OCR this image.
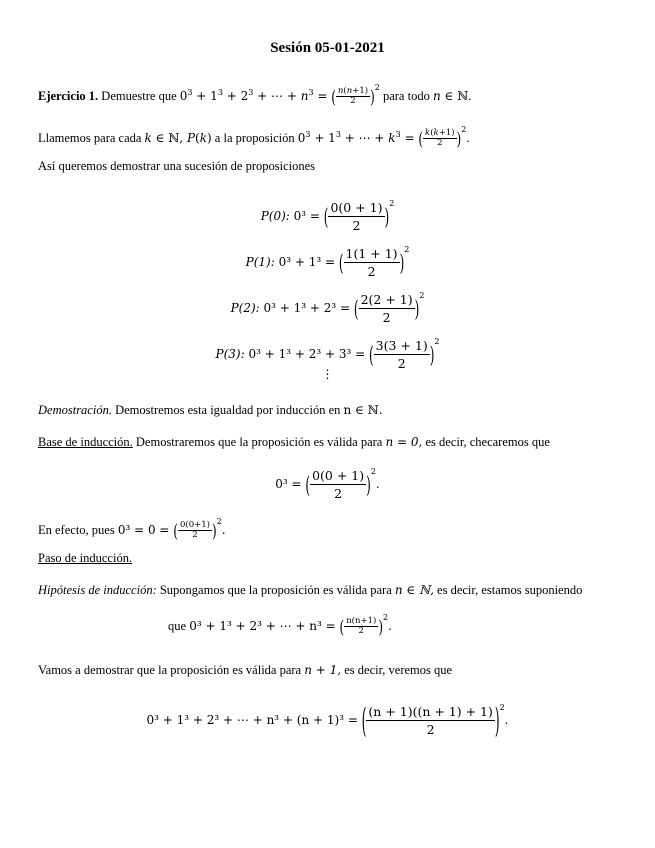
Sesión 05-01-2021
Ejercicio 1. Demuestre que $0^3 + 1^3 + 2^3$ + ⋯ + $n^3$ = ( $\frac{n(n+1)}{2} )^2$ para todo n ∈ ℕ.
Llamemos para cada k ∈ ℕ, P(k) a la proposición $0^3 + 1^3$ + ⋯ + $k^3$ = ( $\frac{k(k+1)}{2} )^2$.
Así queremos demostrar una sucesión de proposiciones
P(0): 0³ = ( $\frac{0(0 + 1)}{2} )^2$
P(1): 0³ + 1³ = ( $\frac{1(1 + 1)}{2} )^2$
P(2): 0³ + 1³ + 2³ = ( $\frac{2(2 + 1)}{2} )^2$
P(3): 0³ + 1³ + 2³ + 3³ = ( $\frac{3(3 + 1)}{2} )^2$
⋮
Demostración. Demostremos esta igualdad por inducción en n ∈ ℕ.
Base de inducción. Demostraremos que la proposición es válida para n = 0, es decir, checaremos que
0³ = ( $\frac{0(0 + 1)}{2} )^2$.
En efecto, pues 0³ = 0 = ( $\frac{0(0+1)}{2} )^2$.
Paso de inducción.
Hipótesis de inducción: Supongamos que la proposición es válida para n ∈ ℕ, es decir, estamos suponiendo
que 0³ + 1³ + 2³ + ⋯ + n³ = ( $\frac{n(n+1)}{2} )^2$.
Vamos a demostrar que la proposición es válida para n + 1, es decir, veremos que
0³ + 1³ + 2³ + ⋯ + n³ + (n + 1)³ = ( $\frac{(n + 1)((n + 1) + 1)}{2} )^2$.
